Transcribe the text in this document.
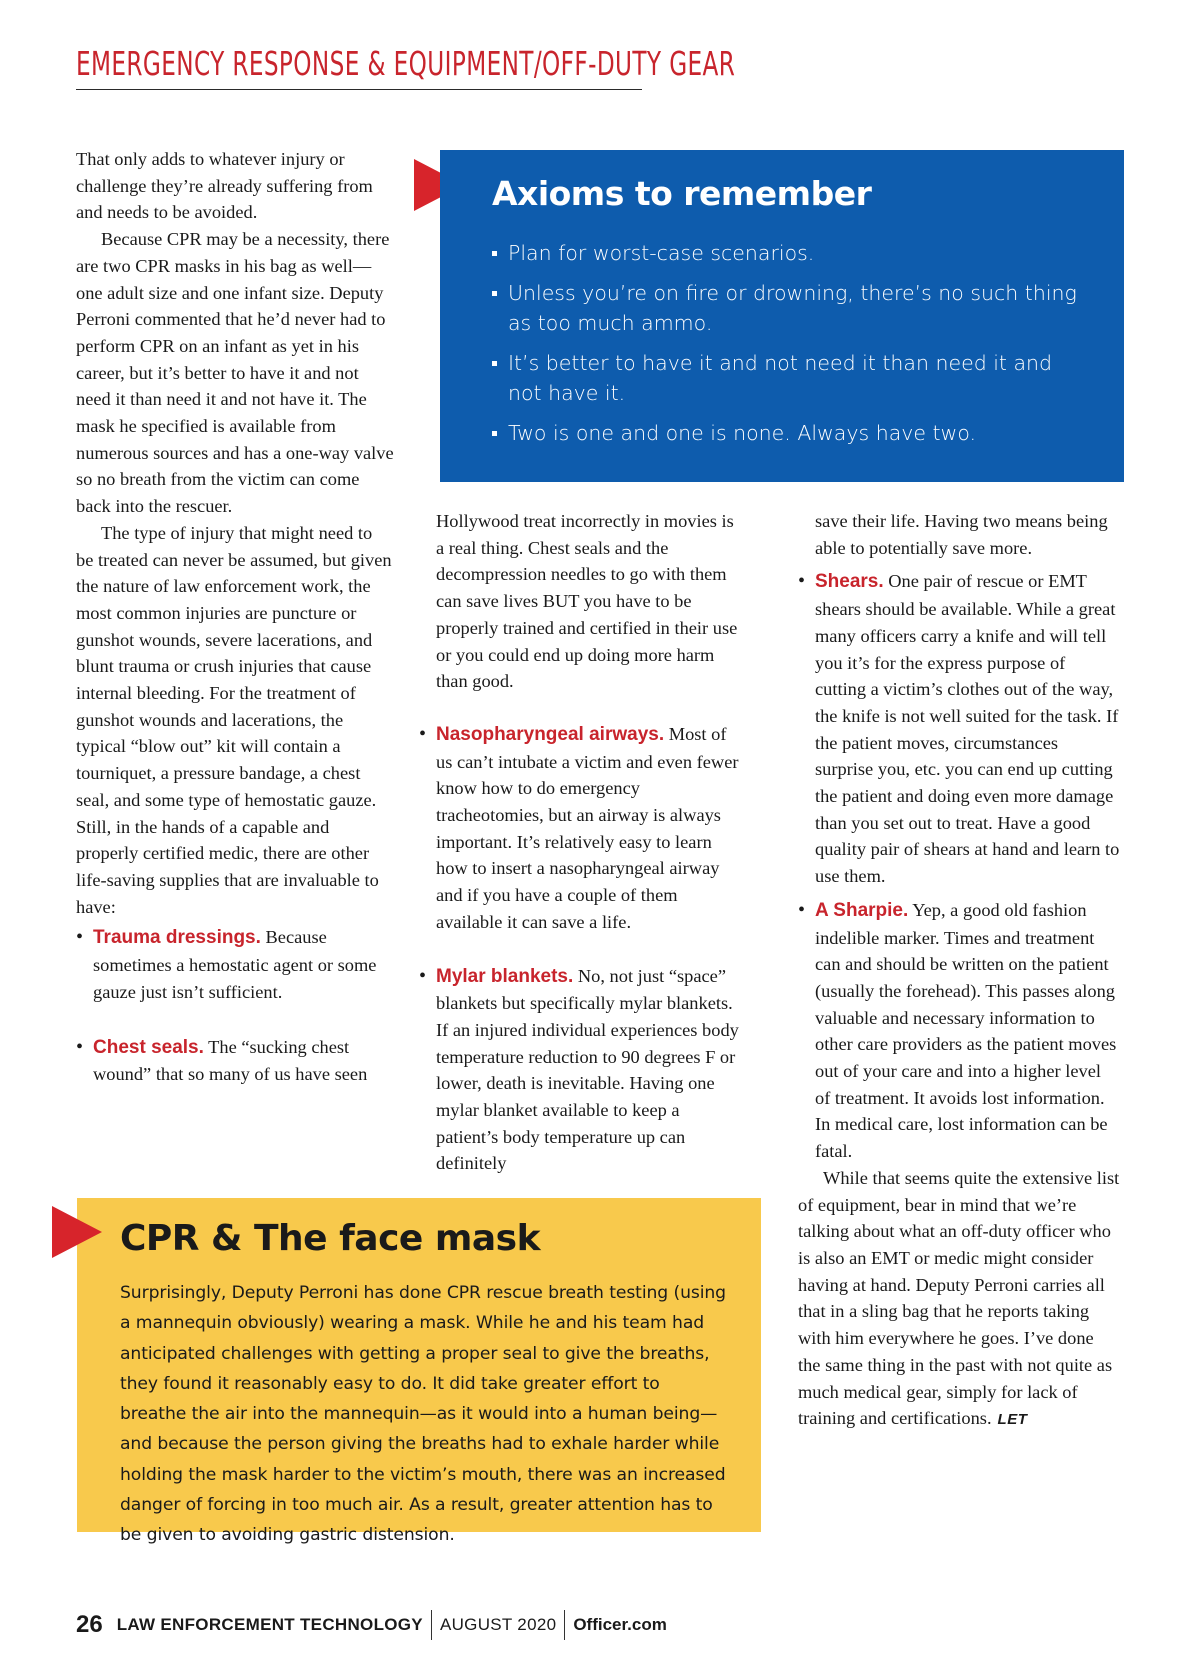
EMERGENCY RESPONSE & EQUIPMENT/OFF-DUTY GEAR

That only adds to whatever injury or challenge they’re already suffering from and needs to be avoided.

Because CPR may be a necessity, there are two CPR masks in his bag as well—one adult size and one infant size. Deputy Perroni commented that he’d never had to perform CPR on an infant as yet in his career, but it’s better to have it and not need it than need it and not have it. The mask he specified is available from numerous sources and has a one-way valve so no breath from the victim can come back into the rescuer.

The type of injury that might need to be treated can never be assumed, but given the nature of law enforcement work, the most common injuries are puncture or gunshot wounds, severe lacerations, and blunt trauma or crush injuries that cause internal bleeding. For the treatment of gunshot wounds and lacerations, the typical “blow out” kit will contain a tourniquet, a pressure bandage, a chest seal, and some type of hemostatic gauze. Still, in the hands of a capable and properly certified medic, there are other life-saving supplies that are invaluable to have:

• Trauma dressings. Because sometimes a hemostatic agent or some gauze just isn’t sufficient.
• Chest seals. The “sucking chest wound” that so many of us have seen
Axioms to remember
Plan for worst-case scenarios.
Unless you’re on fire or drowning, there’s no such thing as too much ammo.
It’s better to have it and not need it than need it and not have it.
Two is one and one is none. Always have two.

Hollywood treat incorrectly in movies is a real thing. Chest seals and the decompression needles to go with them can save lives BUT you have to be properly trained and certified in their use or you could end up doing more harm than good.

• Nasopharyngeal airways. Most of us can’t intubate a victim and even fewer know how to do emergency tracheotomies, but an airway is always important. It’s relatively easy to learn how to insert a nasopharyngeal airway and if you have a couple of them available it can save a life.
• Mylar blankets. No, not just “space” blankets but specifically mylar blankets. If an injured individual experiences body temperature reduction to 90 degrees F or lower, death is inevitable. Having one mylar blanket available to keep a patient’s body temperature up can definitely

save their life. Having two means being able to potentially save more.

• Shears. One pair of rescue or EMT shears should be available. While a great many officers carry a knife and will tell you it’s for the express purpose of cutting a victim’s clothes out of the way, the knife is not well suited for the task. If the patient moves, circumstances surprise you, etc. you can end up cutting the patient and doing even more damage than you set out to treat. Have a good quality pair of shears at hand and learn to use them.
• A Sharpie. Yep, a good old fashion indelible marker. Times and treatment can and should be written on the patient (usually the forehead). This passes along valuable and necessary information to other care providers as the patient moves out of your care and into a higher level of treatment. It avoids lost information. In medical care, lost information can be fatal.

While that seems quite the extensive list of equipment, bear in mind that we’re talking about what an off-duty officer who is also an EMT or medic might consider having at hand. Deputy Perroni carries all that in a sling bag that he reports taking with him everywhere he goes. I’ve done the same thing in the past with not quite as much medical gear, simply for lack of training and certifications. LET

CPR & The face mask

Surprisingly, Deputy Perroni has done CPR rescue breath testing (using a mannequin obviously) wearing a mask. While he and his team had anticipated challenges with getting a proper seal to give the breaths, they found it reasonably easy to do. It did take greater effort to breathe the air into the mannequin—as it would into a human being—and because the person giving the breaths had to exhale harder while holding the mask harder to the victim’s mouth, there was an increased danger of forcing in too much air. As a result, greater attention has to be given to avoiding gastric distension.

26 LAW ENFORCEMENT TECHNOLOGY AUGUST 2020 Officer.com
